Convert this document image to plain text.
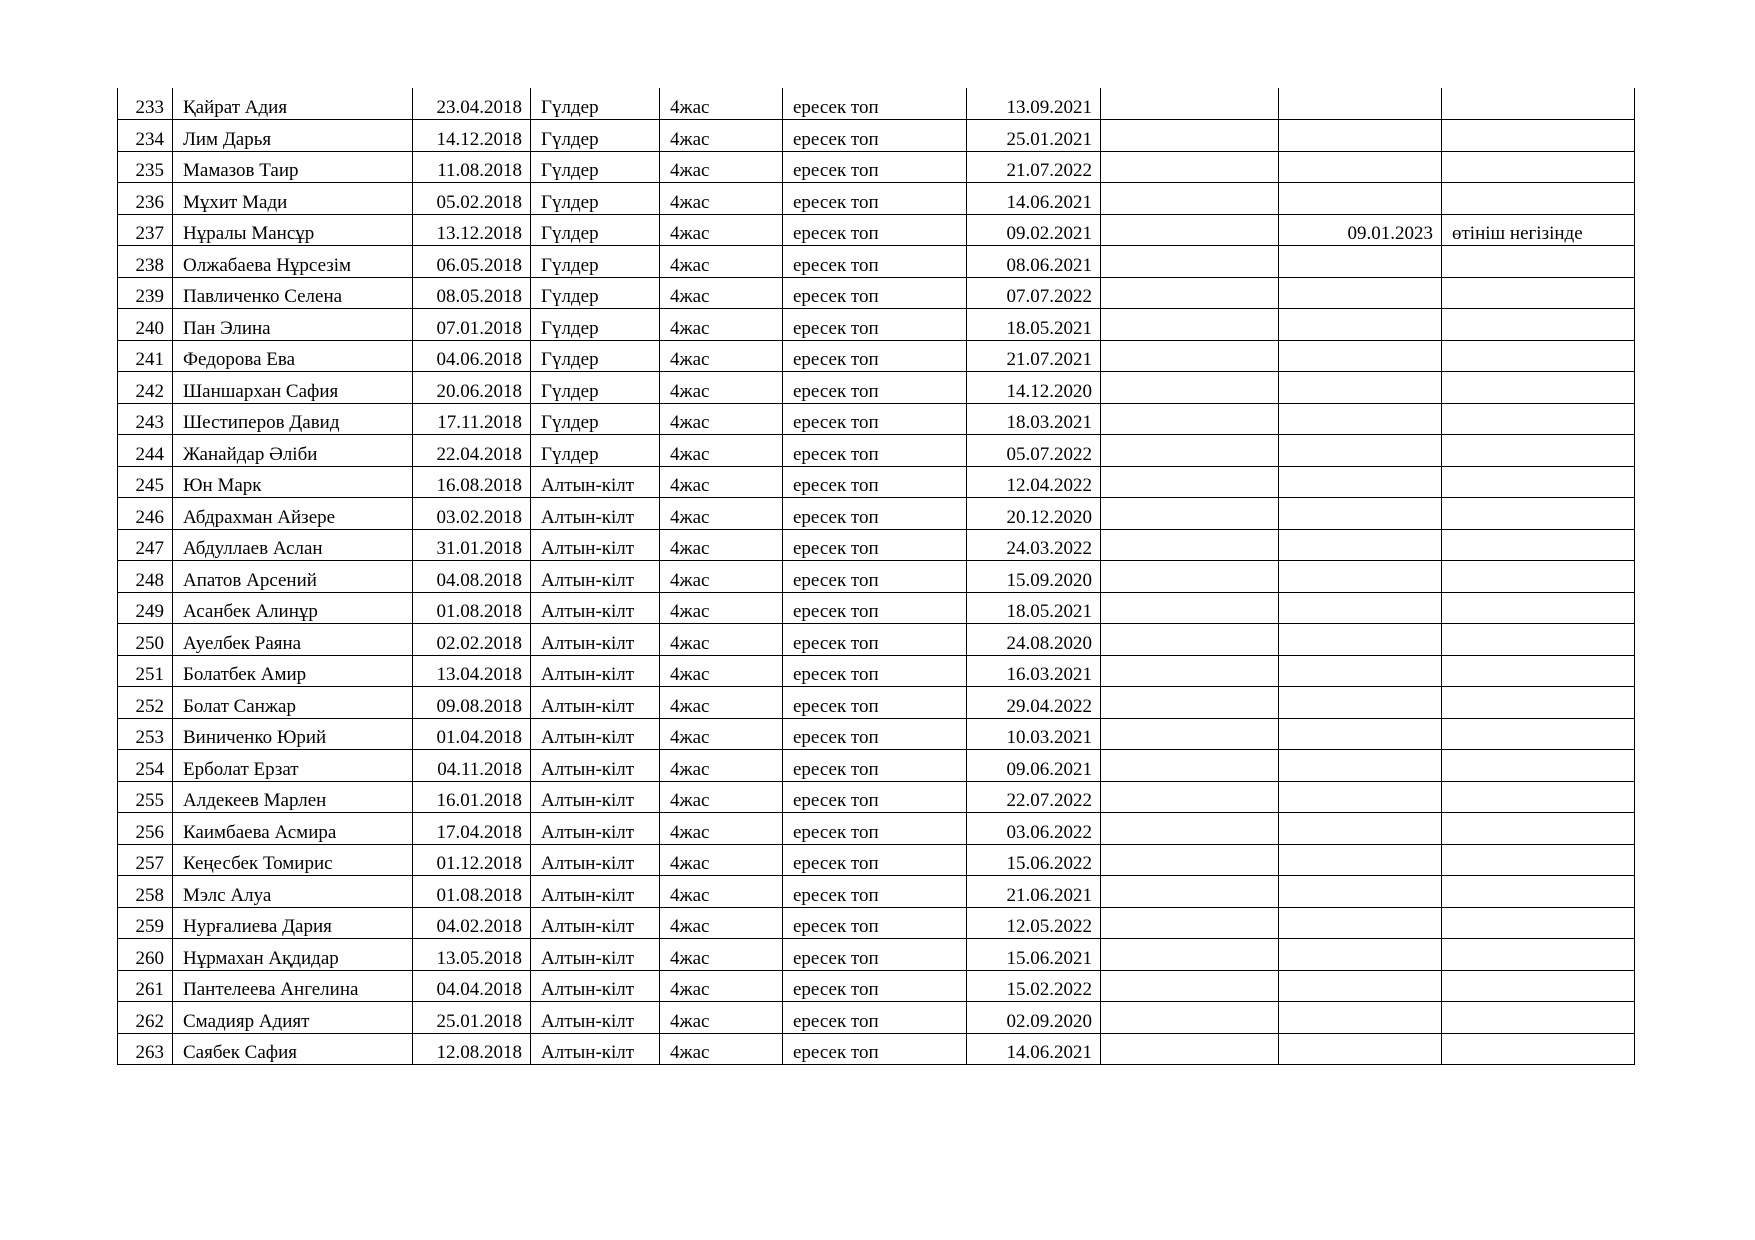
233	Қайрат Адия	23.04.2018	Гүлдер	4жас	ересек топ	13.09.2021			
234	Лим Дарья	14.12.2018	Гүлдер	4жас	ересек топ	25.01.2021			
235	Мамазов Таир	11.08.2018	Гүлдер	4жас	ересек топ	21.07.2022			
236	Мұхит Мади	05.02.2018	Гүлдер	4жас	ересек топ	14.06.2021			
237	Нұралы Мансұр	13.12.2018	Гүлдер	4жас	ересек топ	09.02.2021		09.01.2023	өтініш негізінде
238	Олжабаева Нұрсезім	06.05.2018	Гүлдер	4жас	ересек топ	08.06.2021			
239	Павличенко Селена	08.05.2018	Гүлдер	4жас	ересек топ	07.07.2022			
240	Пан Элина	07.01.2018	Гүлдер	4жас	ересек топ	18.05.2021			
241	Федорова Ева	04.06.2018	Гүлдер	4жас	ересек топ	21.07.2021			
242	Шаншархан Сафия	20.06.2018	Гүлдер	4жас	ересек топ	14.12.2020			
243	Шестиперов Давид	17.11.2018	Гүлдер	4жас	ересек топ	18.03.2021			
244	Жанайдар Әліби	22.04.2018	Гүлдер	4жас	ересек топ	05.07.2022			
245	Юн Марк	16.08.2018	Алтын-кілт	4жас	ересек топ	12.04.2022			
246	Абдрахман Айзере	03.02.2018	Алтын-кілт	4жас	ересек топ	20.12.2020			
247	Абдуллаев Аслан	31.01.2018	Алтын-кілт	4жас	ересек топ	24.03.2022			
248	Апатов Арсений	04.08.2018	Алтын-кілт	4жас	ересек топ	15.09.2020			
249	Асанбек Алинұр	01.08.2018	Алтын-кілт	4жас	ересек топ	18.05.2021			
250	Ауелбек Раяна	02.02.2018	Алтын-кілт	4жас	ересек топ	24.08.2020			
251	Болатбек Амир	13.04.2018	Алтын-кілт	4жас	ересек топ	16.03.2021			
252	Болат Санжар	09.08.2018	Алтын-кілт	4жас	ересек топ	29.04.2022			
253	Виниченко Юрий	01.04.2018	Алтын-кілт	4жас	ересек топ	10.03.2021			
254	Ерболат Ерзат	04.11.2018	Алтын-кілт	4жас	ересек топ	09.06.2021			
255	Алдекеев Марлен	16.01.2018	Алтын-кілт	4жас	ересек топ	22.07.2022			
256	Каимбаева Асмира	17.04.2018	Алтын-кілт	4жас	ересек топ	03.06.2022			
257	Кеңесбек Томирис	01.12.2018	Алтын-кілт	4жас	ересек топ	15.06.2022			
258	Мэлс Алуа	01.08.2018	Алтын-кілт	4жас	ересек топ	21.06.2021			
259	Нурғалиева Дария	04.02.2018	Алтын-кілт	4жас	ересек топ	12.05.2022			
260	Нұрмахан Ақдидар	13.05.2018	Алтын-кілт	4жас	ересек топ	15.06.2021			
261	Пантелеева Ангелина	04.04.2018	Алтын-кілт	4жас	ересек топ	15.02.2022			
262	Смадияр Адият	25.01.2018	Алтын-кілт	4жас	ересек топ	02.09.2020			
263	Саябек Сафия	12.08.2018	Алтын-кілт	4жас	ересек топ	14.06.2021			
